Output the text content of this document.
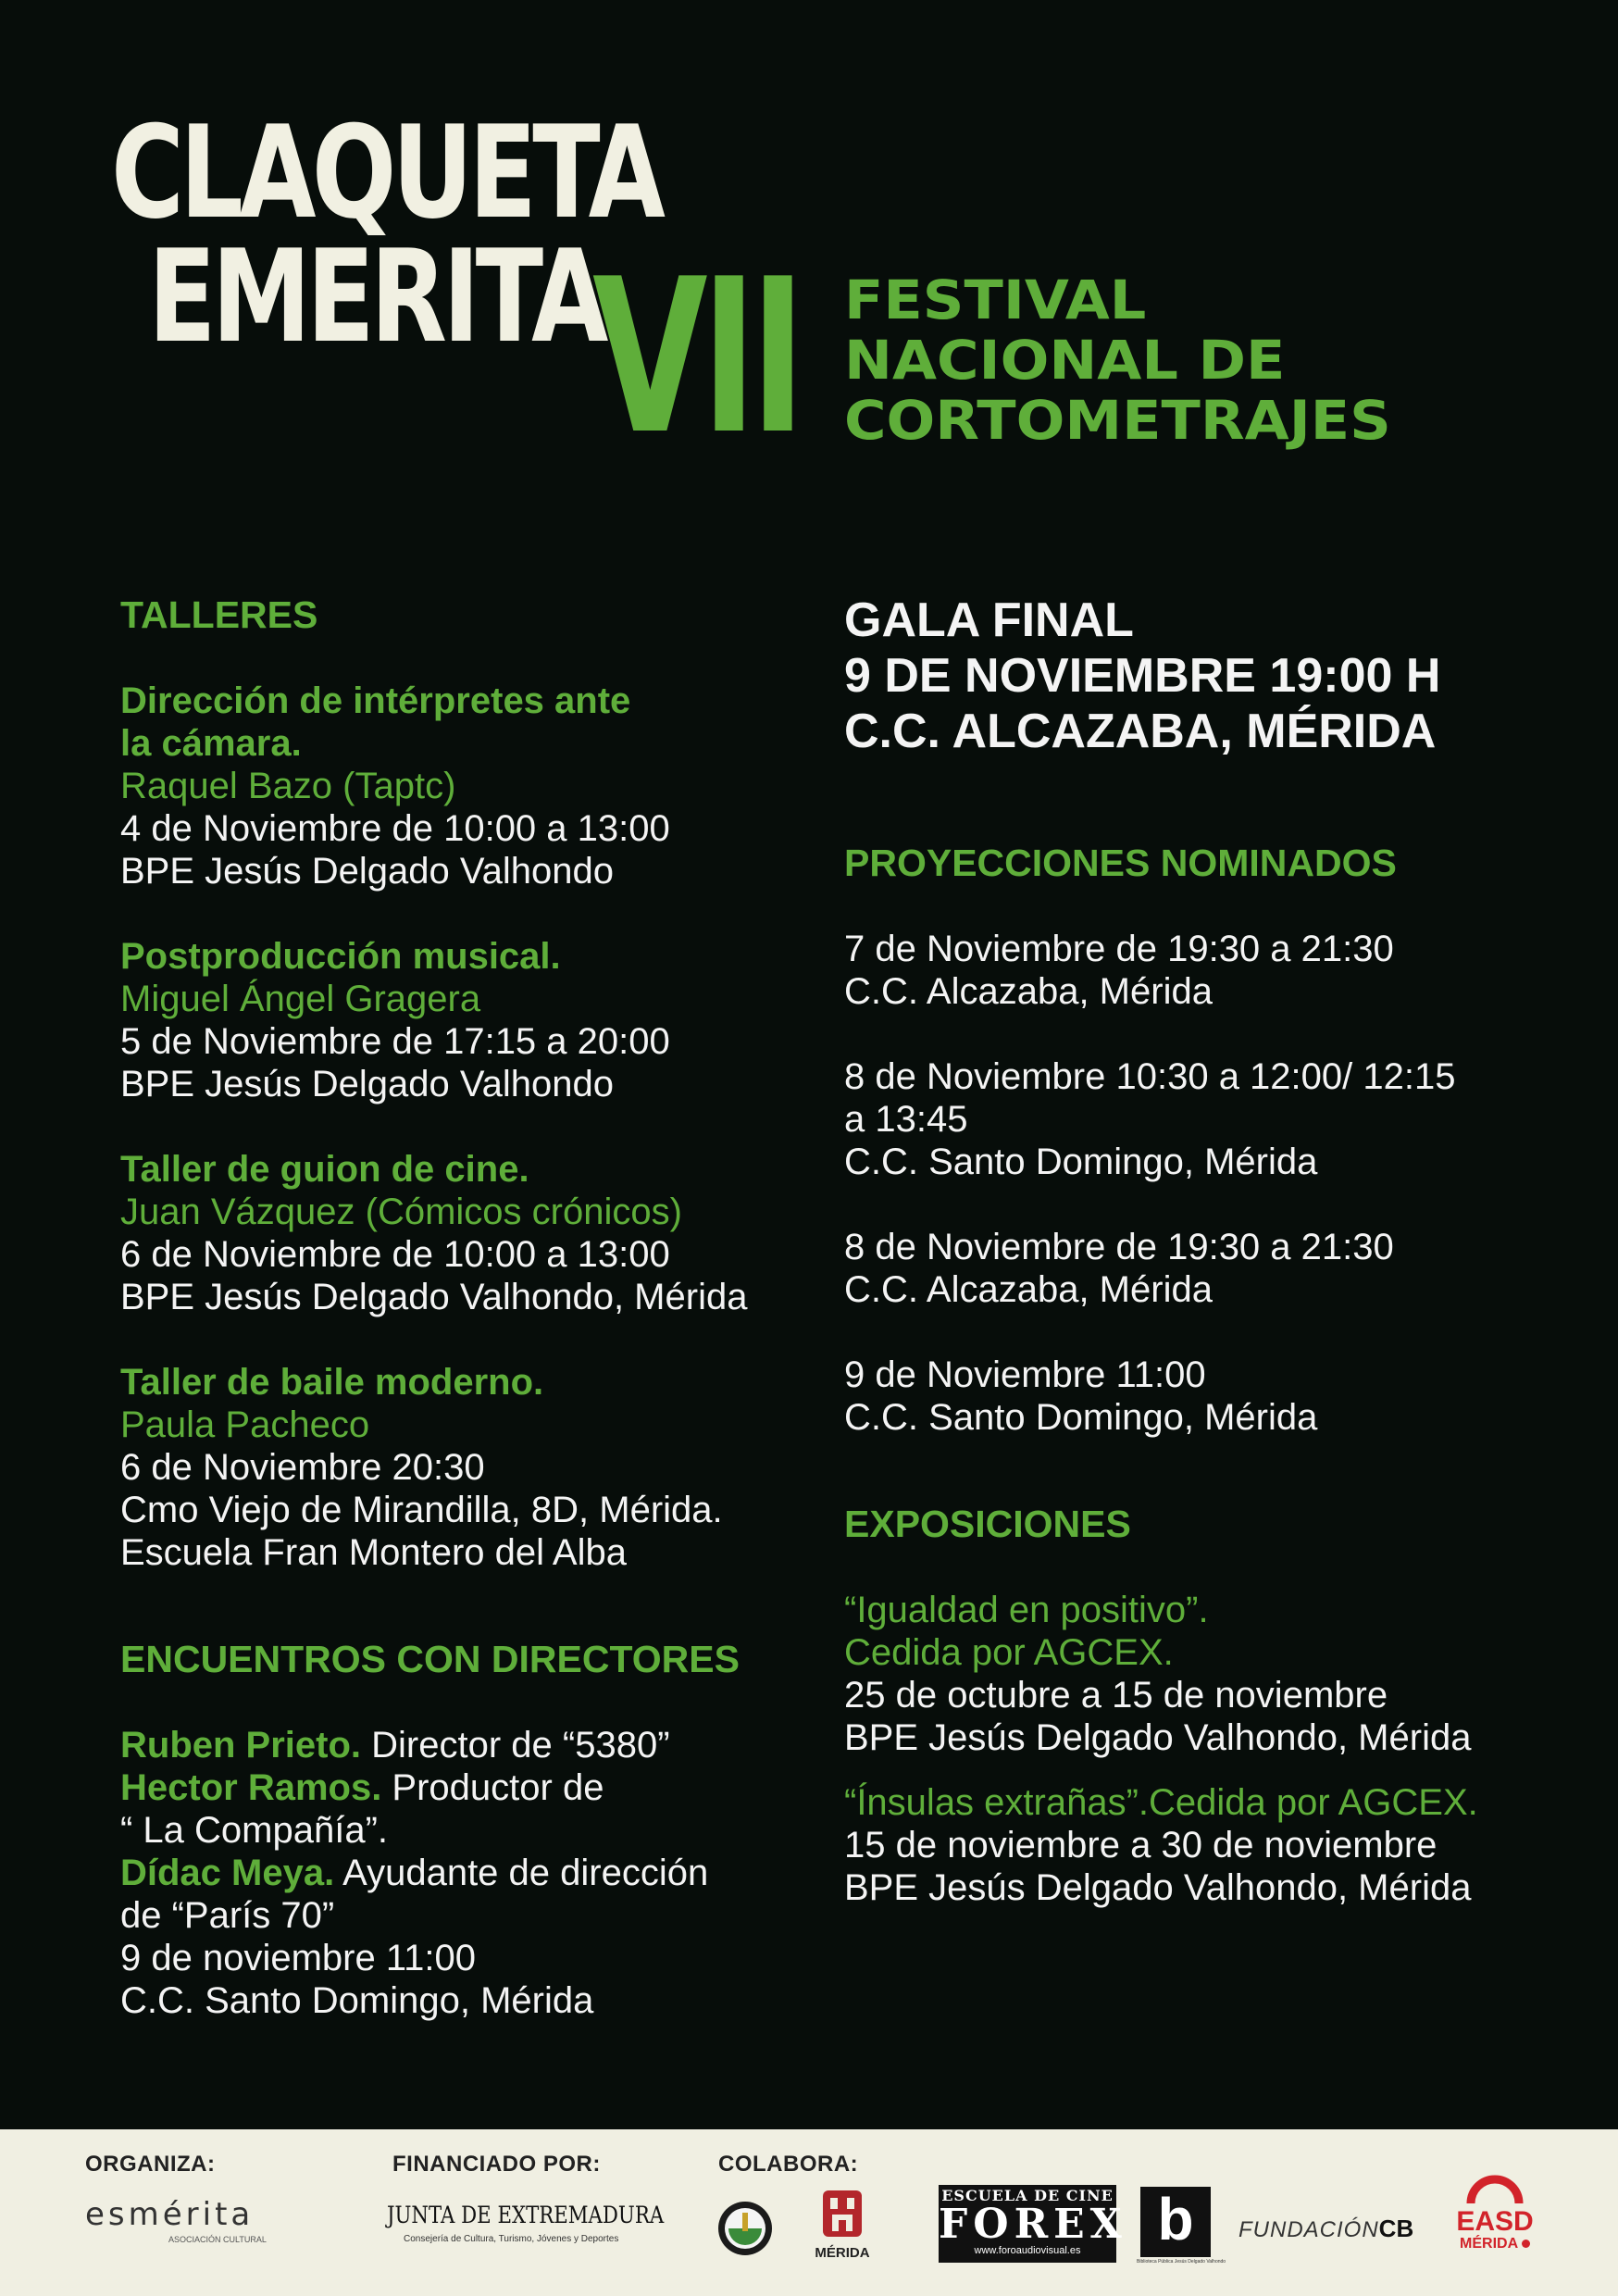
CLAQUETA
EMERITA
VII FESTIVAL
NACIONAL DE
CORTOMETRAJES
TALLERES
Dirección de intérpretes ante
la cámara.
Raquel Bazo (Taptc)
4 de Noviembre de 10:00 a 13:00
BPE Jesús Delgado Valhondo
Postproducción musical.
Miguel Ángel Gragera
5 de Noviembre de 17:15 a 20:00
BPE Jesús Delgado Valhondo
Taller de guion de cine.
Juan Vázquez (Cómicos crónicos)
6 de Noviembre de 10:00 a 13:00
BPE Jesús Delgado Valhondo, Mérida
Taller de baile moderno.
Paula Pacheco
6 de Noviembre 20:30
Cmo Viejo de Mirandilla, 8D, Mérida.
Escuela Fran Montero del Alba
ENCUENTROS CON DIRECTORES
Ruben Prieto. Director de “5380”
Hector Ramos. Productor de
“ La Compañía”.
Dídac Meya. Ayudante de dirección
de “París 70”
9 de noviembre 11:00
C.C. Santo Domingo, Mérida
GALA FINAL
9 DE NOVIEMBRE 19:00 H
C.C. ALCAZABA, MÉRIDA
PROYECCIONES NOMINADOS
7 de Noviembre de 19:30 a 21:30
C.C. Alcazaba, Mérida
8 de Noviembre 10:30 a 12:00/ 12:15
a 13:45
C.C. Santo Domingo, Mérida
8 de Noviembre de 19:30 a 21:30
C.C. Alcazaba, Mérida
9 de Noviembre 11:00
C.C. Santo Domingo, Mérida
EXPOSICIONES
“Igualdad en positivo”.
Cedida por AGCEX.
25 de octubre a 15 de noviembre
BPE Jesús Delgado Valhondo, Mérida
“Ínsulas extrañas”.Cedida por AGCEX.
15 de noviembre a 30 de noviembre
BPE Jesús Delgado Valhondo, Mérida
ORGANIZA:	FINANCIADO POR:	COLABORA:
esmérita
ASOCIACIÓN CULTURAL
JUNTA DE EXTREMADURA
Consejería de Cultura, Turismo, Jóvenes y Deportes
MÉRIDA
ESCUELA DE CINE
FOREX
www.foroaudiovisual.es	b
Biblioteca Pública Jesús Delgado Valhondo
FUNDACIÓNCB	EASD
MÉRIDA
